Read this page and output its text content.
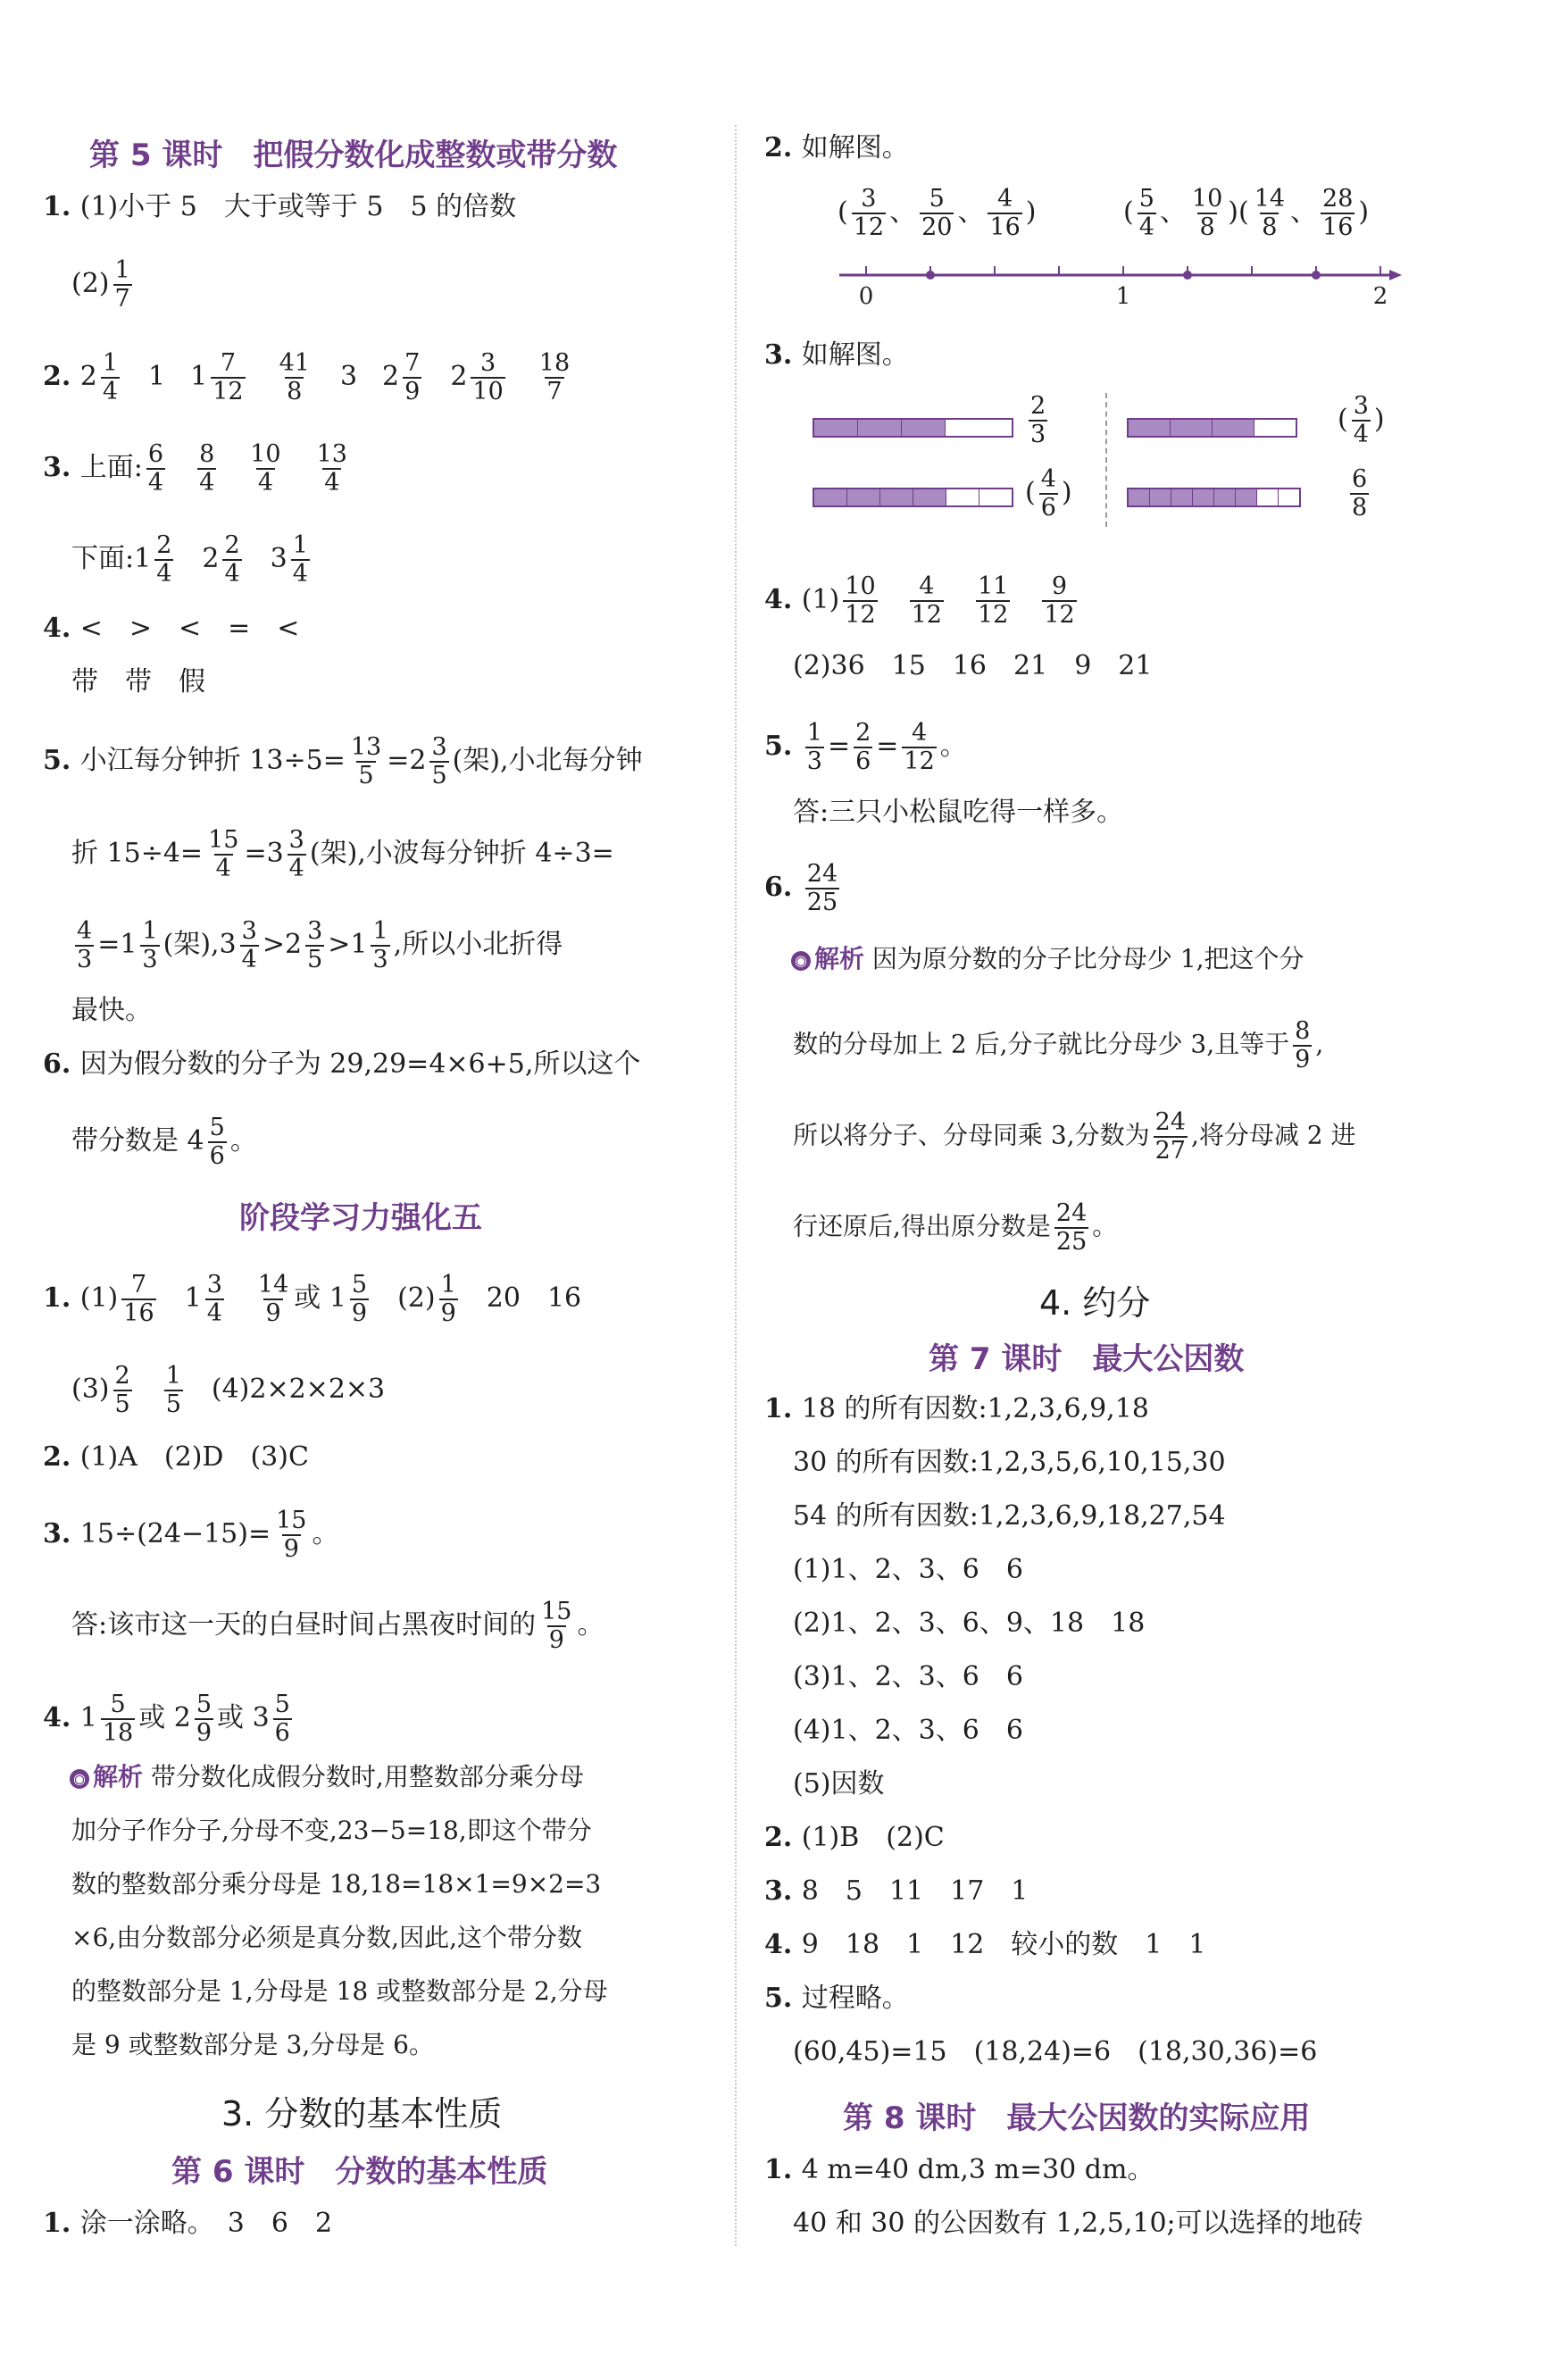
第 5 课时　把假分数化成整数或带分数
1. (1)小于 5　大于或等于 5　5 的倍数
$(2) \frac{1}{7}$
2. $2 \frac{1}{4} 1$ $1 \frac{7}{12} \frac{41}{8} 3$ $2 \frac{7}{9} 2 \frac{3}{10} \frac{18}{7}$
3. 上面: $\frac{6}{4} \frac{8}{4} \frac{10}{4} \frac{13}{4}$
下面:1 $\frac{2}{4} 2 \frac{2}{4} 3 \frac{1}{4}$
4. <　>　<　=　<
带　带　假
5. 小江每分钟折 $13\div 5= \frac{13}{5} =2 \frac{3}{5}$ (架),小北每分钟
折 $15\div 4= \frac{15}{4} =3 \frac{3}{4}$ (架),小波每分钟折 4÷3=
$\frac{4}{3} =1 \frac{1}{3}$ (架)$,3 \frac{3}{4} >2 \frac{3}{5} >1 \frac{1}{3}$ ,所以小北折得
最快。
6. 因为假分数的分子为 29,29=4×6+5,所以这个
带分数是 $4 \frac{5}{6}$ 。
阶段学习力强化五
1. $(1) \frac{7}{16} 1 \frac{3}{4} \frac{14}{9}$ 或 $1 \frac{5}{9} (2) \frac{1}{9} 20$　16
$(3) \frac{2}{5} \frac{1}{5} (4)2\times 2\times 2\times 3$
2. (1)A　(2)D　(3)C
3. $15\div(24-15)= \frac{15}{9}$ 。
答:该市这一天的白昼时间占黑夜时间的 $\frac{15}{9}$ 。
4. $1 \frac{5}{18}$ 或 $2 \frac{5}{9}$ 或 $3 \frac{5}{6}$
◉ 解析 带分数化成假分数时,用整数部分乘分母
加分子作分子,分母不变,23−5=18,即这个带分
数的整数部分乘分母是 18,18=18×1=9×2=3
×6,由分数部分必须是真分数,因此,这个带分数
的整数部分是 1,分母是 18 或整数部分是 2,分母
是 9 或整数部分是 3,分母是 6。
3. 分数的基本性质
第 6 课时　分数的基本性质
1. 涂一涂略。　3　6　2
2. 如解图。
( $\frac{3}{12}$ 、 $\frac{5}{20}$ 、 $\frac{4}{16}$ )	( $\frac{5}{4}$ 、 $\frac{10}{8}$ )( $\frac{14}{8}$ 、 $\frac{28}{16}$ )
0	1	2
3. 如解图。
$\frac{2}{3}$
( $\frac{4}{6}$ )
( $\frac{3}{4}$ )
$\frac{6}{8}$
4. $(1) \frac{10}{12} \frac{4}{12} \frac{11}{12} \frac{9}{12}$
(2)36　15　16　21　9　21
5. $\frac{1}{3} = \frac{2}{6} = \frac{4}{12}$ 。
答:三只小松鼠吃得一样多。
6. $\frac{24}{25}$
◉ 解析 因为原分数的分子比分母少 1,把这个分
数的分母加上 2 后,分子就比分母少 3,且等于 $\frac{8}{9}$ ,
所以将分子、分母同乘 3,分数为 $\frac{24}{27}$ ,将分母减 2 进
行还原后,得出原分数是 $\frac{24}{25}$ 。
4. 约分
第 7 课时　最大公因数
1. 18 的所有因数:1,2,3,6,9,18
30 的所有因数:1,2,3,5,6,10,15,30
54 的所有因数:1,2,3,6,9,18,27,54
(1)1、2、3、6　6
(2)1、2、3、6、9、18　18
(3)1、2、3、6　6
(4)1、2、3、6　6
(5)因数
2. (1)B　(2)C
3. 8　5　11　17　1
4. 9　18　1　12　较小的数　1　1
5. 过程略。
(60,45)=15　(18,24)=6　(18,30,36)=6
第 8 课时　最大公因数的实际应用
1. 4 m=40 dm,3 m=30 dm。
40 和 30 的公因数有 1,2,5,10;可以选择的地砖
